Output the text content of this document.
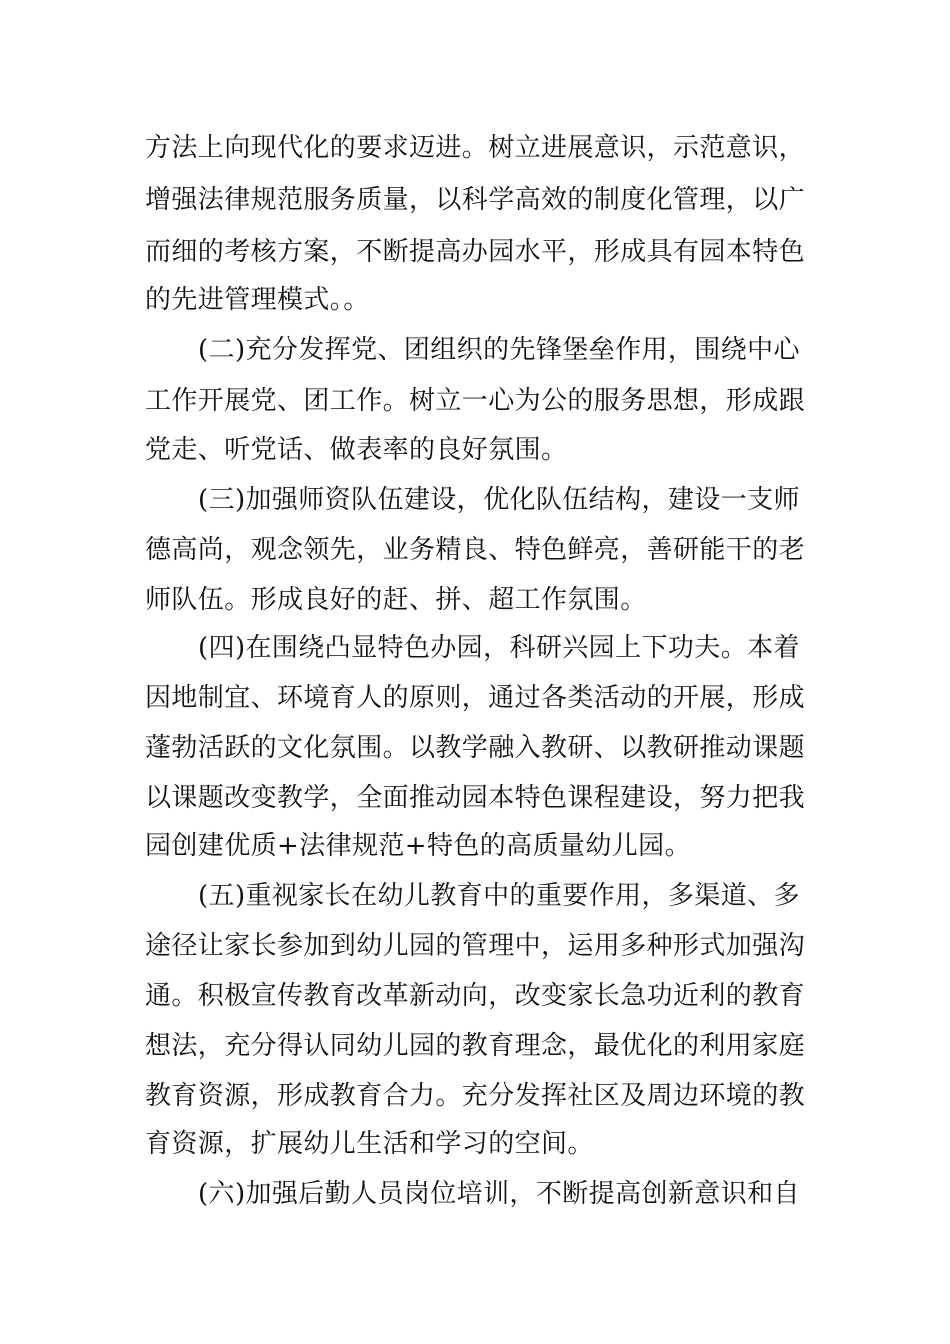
方法上向现代化的要求迈进。树立进展意识，示范意识，
增强法律规范服务质量，以科学高效的制度化管理，以广
而细的考核方案，不断提高办园水平，形成具有园本特色
的先进管理模式。。
(二)充分发挥党、团组织的先锋堡垒作用，围绕中心
工作开展党、团工作。树立一心为公的服务思想，形成跟
党走、听党话、做表率的良好氛围。
(三)加强师资队伍建设，优化队伍结构，建设一支师
德高尚，观念领先，业务精良、特色鲜亮，善研能干的老
师队伍。形成良好的赶、拼、超工作氛围。
(四)在围绕凸显特色办园，科研兴园上下功夫。本着
因地制宜、环境育人的原则，通过各类活动的开展，形成
蓬勃活跃的文化氛围。以教学融入教研、以教研推动课题
以课题改变教学，全面推动园本特色课程建设，努力把我
园创建优质+法律规范+特色的高质量幼儿园。
(五)重视家长在幼儿教育中的重要作用，多渠道、多
途径让家长参加到幼儿园的管理中，运用多种形式加强沟
通。积极宣传教育改革新动向，改变家长急功近利的教育
想法，充分得认同幼儿园的教育理念，最优化的利用家庭
教育资源，形成教育合力。充分发挥社区及周边环境的教
育资源，扩展幼儿生活和学习的空间。
(六)加强后勤人员岗位培训，不断提高创新意识和自
